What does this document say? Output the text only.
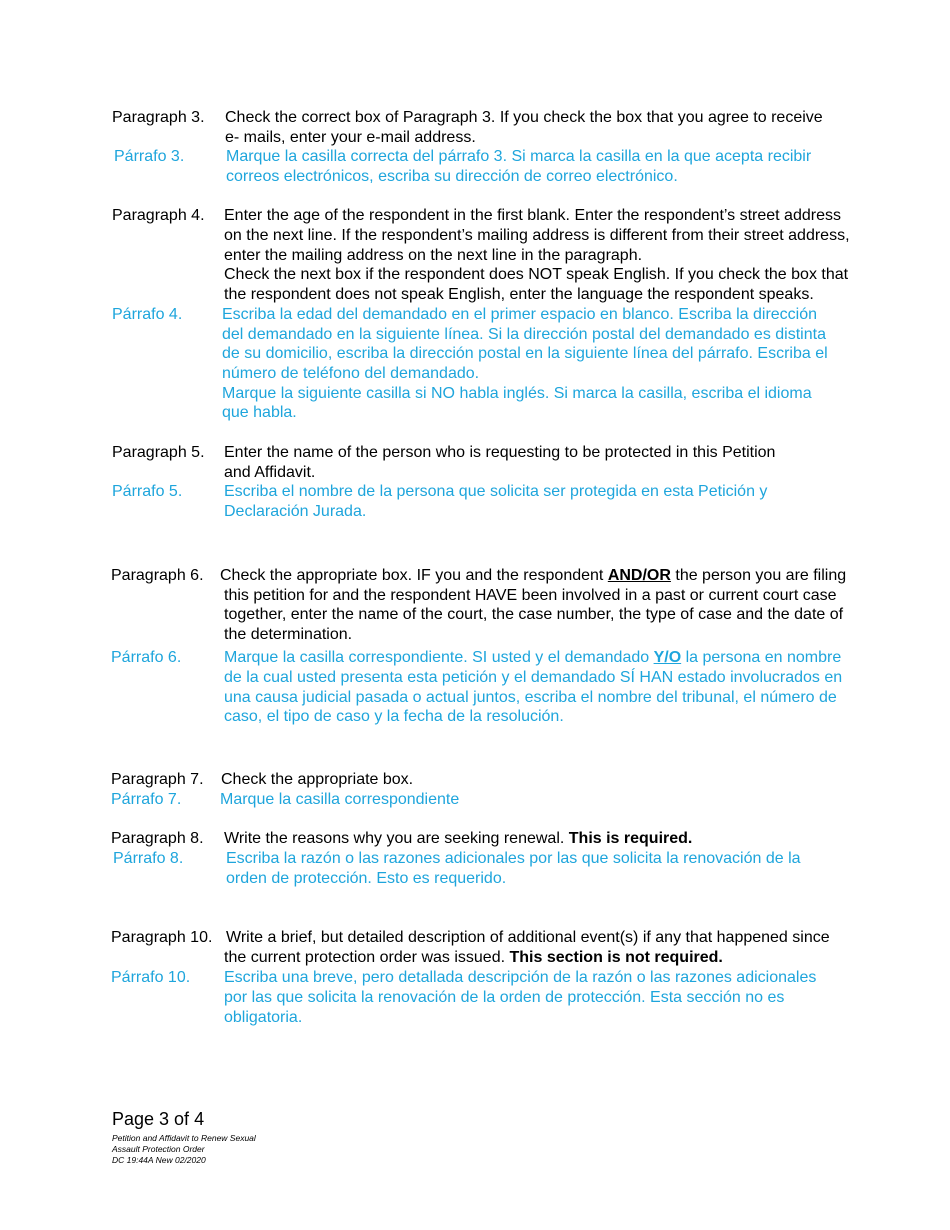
Paragraph 3. Check the correct box of Paragraph 3. If you check the box that you agree to receive
e- mails, enter your e-mail address.
Párrafo 3.	Marque la casilla correcta del párrafo 3. Si marca la casilla en la que acepta recibir
correos electrónicos, escriba su dirección de correo electrónico.
Paragraph 4. Enter the age of the respondent in the first blank. Enter the respondent’s street address
on the next line. If the respondent’s mailing address is different from their street address,
enter the mailing address on the next line in the paragraph.
Check the next box if the respondent does NOT speak English. If you check the box that
the respondent does not speak English, enter the language the respondent speaks.
Párrafo 4. Escriba la edad del demandado en el primer espacio en blanco. Escriba la dirección
del demandado en la siguiente línea. Si la dirección postal del demandado es distinta
de su domicilio, escriba la dirección postal en la siguiente línea del párrafo. Escriba el
número de teléfono del demandado.
Marque la siguiente casilla si NO habla inglés. Si marca la casilla, escriba el idioma
que habla.
Paragraph 5. Enter the name of the person who is requesting to be protected in this Petition
and Affidavit.
Párrafo 5.	Escriba el nombre de la persona que solicita ser protegida en esta Petición y
Declaración Jurada.
Paragraph 6. Check the appropriate box. IF you and the respondent AND/OR the person you are filing
this petition for and the respondent HAVE been involved in a past or current court case
together, enter the name of the court, the case number, the type of case and the date of
the determination.
Párrafo 6.	Marque la casilla correspondiente. SI usted y el demandado Y/O la persona en nombre
de la cual usted presenta esta petición y el demandado SÍ HAN estado involucrados en
una causa judicial pasada o actual juntos, escriba el nombre del tribunal, el número de
caso, el tipo de caso y la fecha de la resolución.
Paragraph 7. Check the appropriate box.
Párrafo 7. Marque la casilla correspondiente
Paragraph 8. Write the reasons why you are seeking renewal. This is required.
Párrafo 8.	Escriba la razón o las razones adicionales por las que solicita la renovación de la
orden de protección. Esto es requerido.
Paragraph 10. Write a brief, but detailed description of additional event(s) if any that happened since
the current protection order was issued. This section is not required.
Párrafo 10. Escriba una breve, pero detallada descripción de la razón o las razones adicionales
por las que solicita la renovación de la orden de protección. Esta sección no es
obligatoria.
Page 3 of 4
Petition and Affidavit to Renew Sexual
Assault Protection Order
DC 19:44A New 02/2020
